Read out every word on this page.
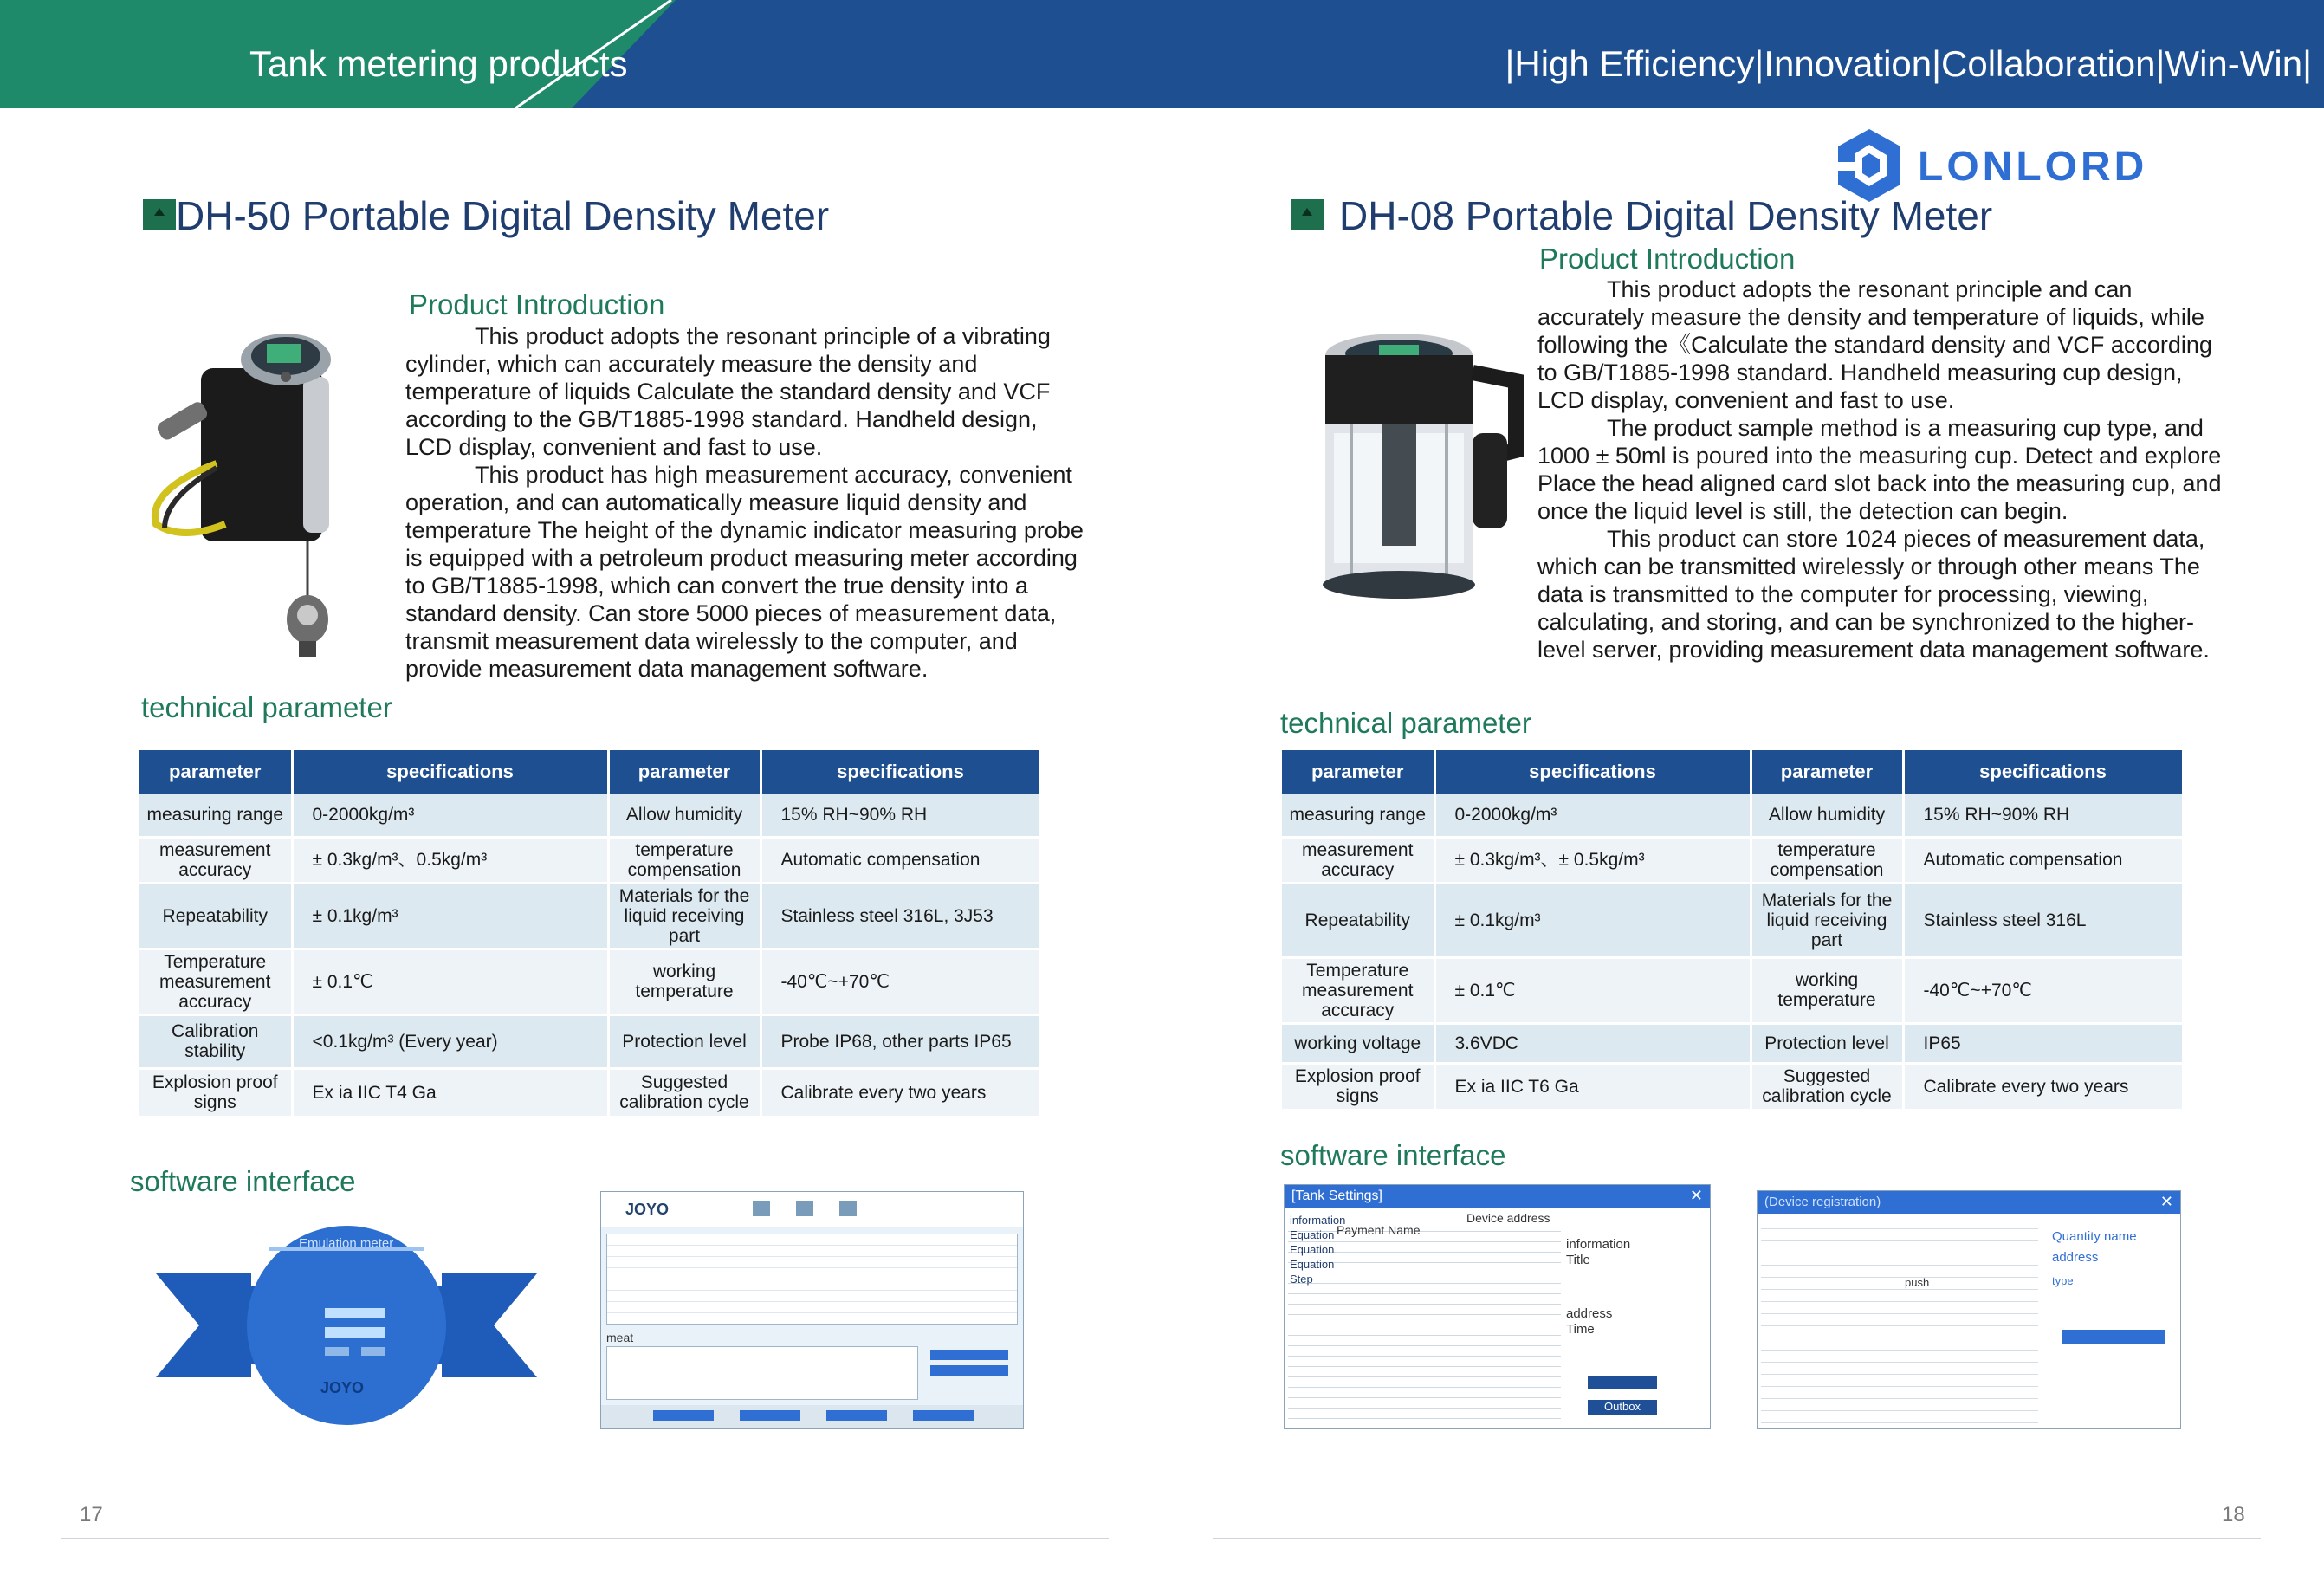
Tank metering products	|High Efficiency|Innovation|Collaboration|Win-Win|
LONLORD
DH-50 Portable Digital Density Meter
Product Introduction

This product adopts the resonant principle of a vibrating cylinder, which can accurately measure the density and temperature of liquids Calculate the standard density and VCF according to the GB/T1885-1998 standard. Handheld design, LCD display, convenient and fast to use.

This product has high measurement accuracy, convenient operation, and can automatically measure liquid density and temperature The height of the dynamic indicator measuring probe is equipped with a petroleum product measuring meter according to GB/T1885-1998, which can convert the true density into a standard density. Can store 5000 pieces of measurement data, transmit measurement data wirelessly to the computer, and provide measurement data management software.

technical parameter
parameter	specifications	parameter	specifications
measuring range	0-2000kg/m³	Allow humidity	15% RH~90% RH
measurement accuracy	± 0.3kg/m³、0.5kg/m³	temperature compensation	Automatic compensation
Repeatability	± 0.1kg/m³	Materials for the liquid receiving part	Stainless steel 316L, 3J53
Temperature measurement accuracy	± 0.1℃	working temperature	-40℃~+70℃
Calibration stability	<0.1kg/m³ (Every year)	Protection level	Probe IP68, other parts IP65
Explosion proof signs	Ex ia IIC T4 Ga	Suggested calibration cycle	Calibrate every two years
software interface
Emulation meter
JOYO
JOYO
meat
17
DH-08 Portable Digital Density Meter
Product Introduction

This product adopts the resonant principle and can accurately measure the density and temperature of liquids, while following the《Calculate the standard density and VCF according to GB/T1885-1998 standard. Handheld measuring cup design, LCD display, convenient and fast to use.

The product sample method is a measuring cup type, and 1000 ± 50ml is poured into the measuring cup. Detect and explore Place the head aligned card slot back into the measuring cup, and once the liquid level is still, the detection can begin.

This product can store 1024 pieces of measurement data, which can be transmitted wirelessly or through other means The data is transmitted to the computer for processing, viewing, calculating, and storing, and can be synchronized to the higher-level server, providing measurement data management software.

technical parameter
parameter	specifications	parameter	specifications
measuring range	0-2000kg/m³	Allow humidity	15% RH~90% RH
measurement accuracy	± 0.3kg/m³、± 0.5kg/m³	temperature compensation	Automatic compensation
Repeatability	± 0.1kg/m³	Materials for the liquid receiving part	Stainless steel 316L
Temperature measurement accuracy	± 0.1℃	working temperature	-40℃~+70℃
working voltage	3.6VDC	Protection level	IP65
Explosion proof signs	Ex ia IIC T6 Ga	Suggested calibration cycle	Calibrate every two years
software interface
[Tank Settings]	✕
information
Equation
Equation
Equation
Step
Device address
Payment Name
information
Title
address
Time
Outbox
(Device registration)	✕
push
Quantity name
address
type
18
